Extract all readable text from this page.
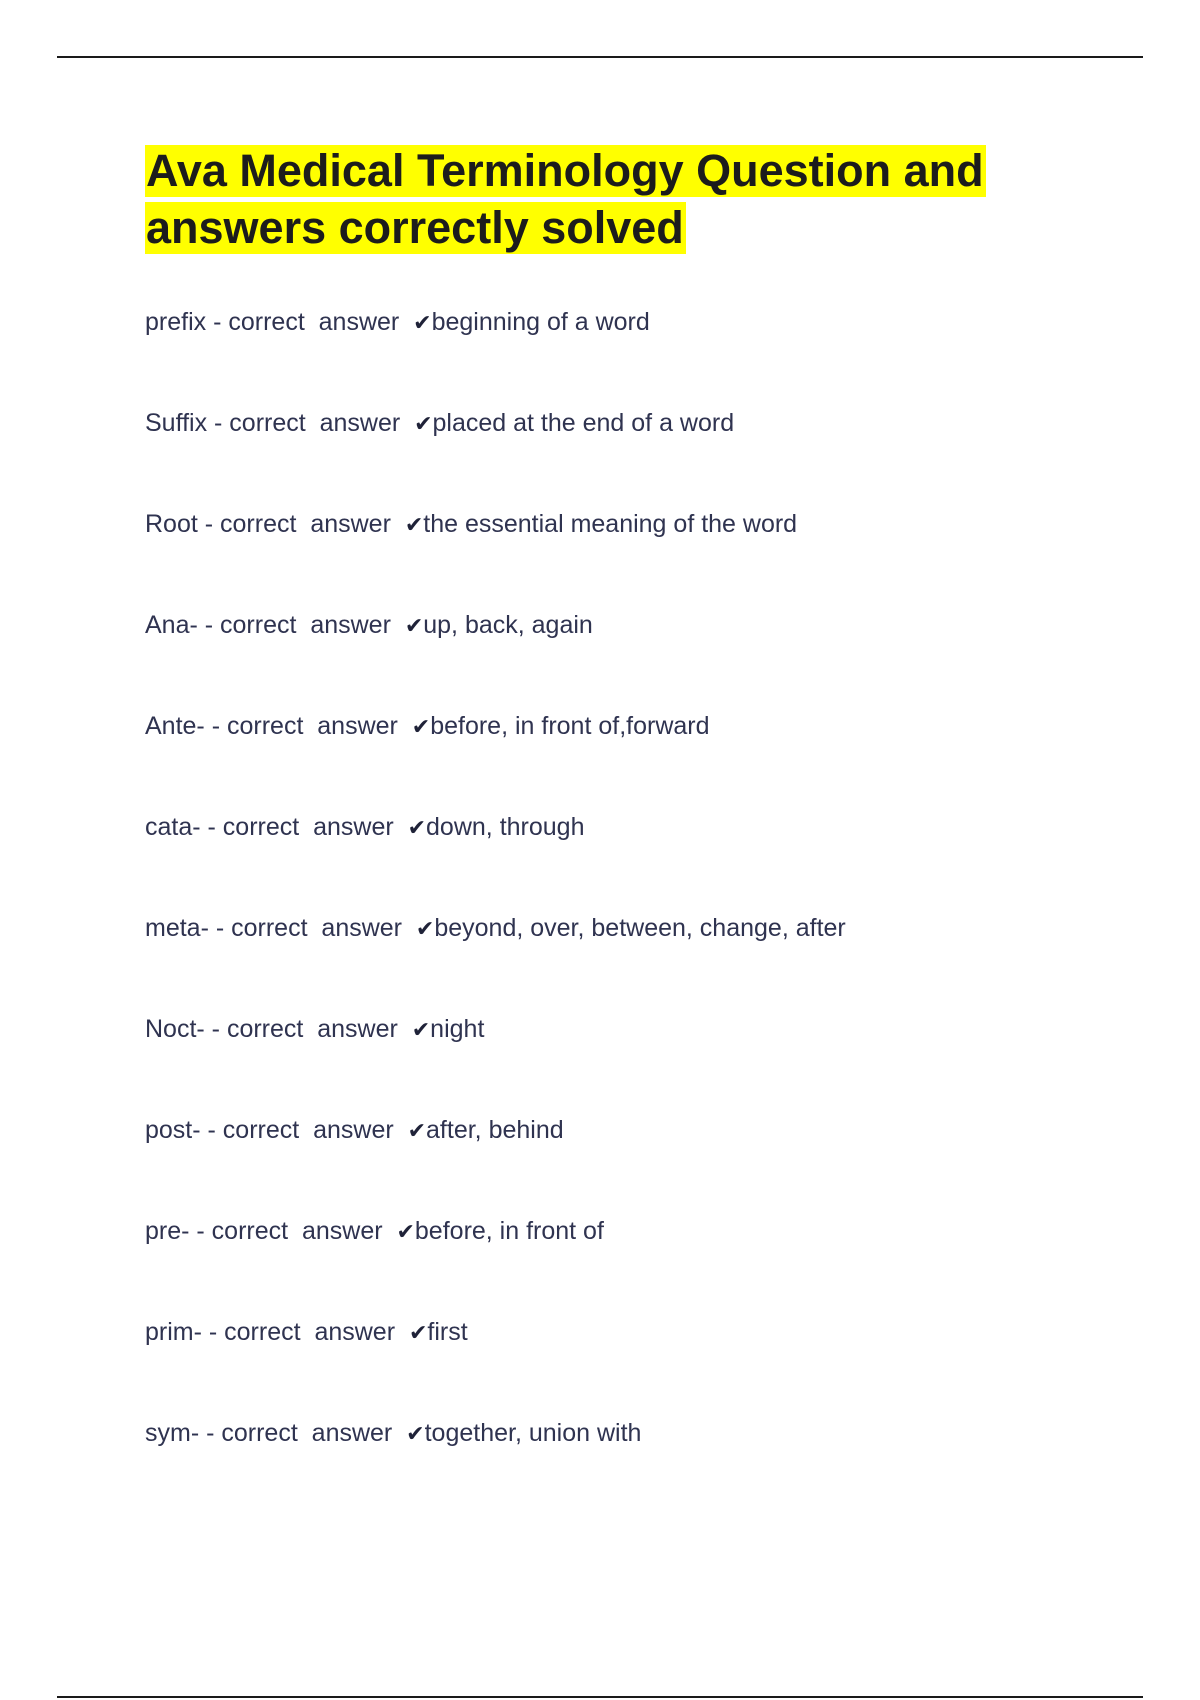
Ava Medical Terminology Question and answers correctly solved
prefix - correct  answer  ✔beginning of a word
Suffix - correct  answer  ✔placed at the end of a word
Root - correct  answer  ✔the essential meaning of the word
Ana- - correct  answer  ✔up, back, again
Ante- - correct  answer  ✔before, in front of,forward
cata- - correct  answer  ✔down, through
meta- - correct  answer  ✔beyond, over, between, change, after
Noct- - correct  answer  ✔night
post- - correct  answer  ✔after, behind
pre- - correct  answer  ✔before, in front of
prim- - correct  answer  ✔first
sym- - correct  answer  ✔together, union with
